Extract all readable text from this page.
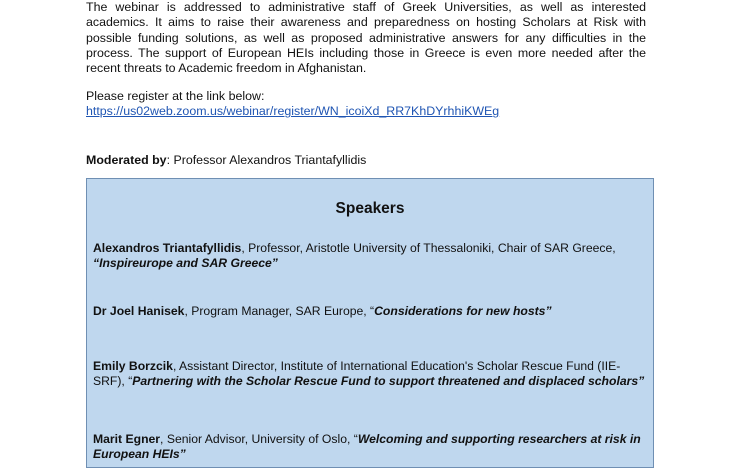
The webinar is addressed to administrative staff of Greek Universities, as well as interested academics. It aims to raise their awareness and preparedness on hosting Scholars at Risk with possible funding solutions, as well as proposed administrative answers for any difficulties in the process. The support of European HEIs including those in Greece is even more needed after the recent threats to Academic freedom in Afghanistan.

Please register at the link below:
https://us02web.zoom.us/webinar/register/WN_icoiXd_RR7KhDYrhhiKWEg

Moderated by: Professor Alexandros Triantafyllidis

Speakers

Alexandros Triantafyllidis, Professor, Aristotle University of Thessaloniki, Chair of SAR Greece,
“Inspireurope and SAR Greece”

Dr Joel Hanisek, Program Manager, SAR Europe, “Considerations for new hosts”

Emily Borzcik, Assistant Director, Institute of International Education's Scholar Rescue Fund (IIE-SRF), “Partnering with the Scholar Rescue Fund to support threatened and displaced scholars”

Marit Egner, Senior Advisor, University of Oslo, “Welcoming and supporting researchers at risk in European HEIs”
